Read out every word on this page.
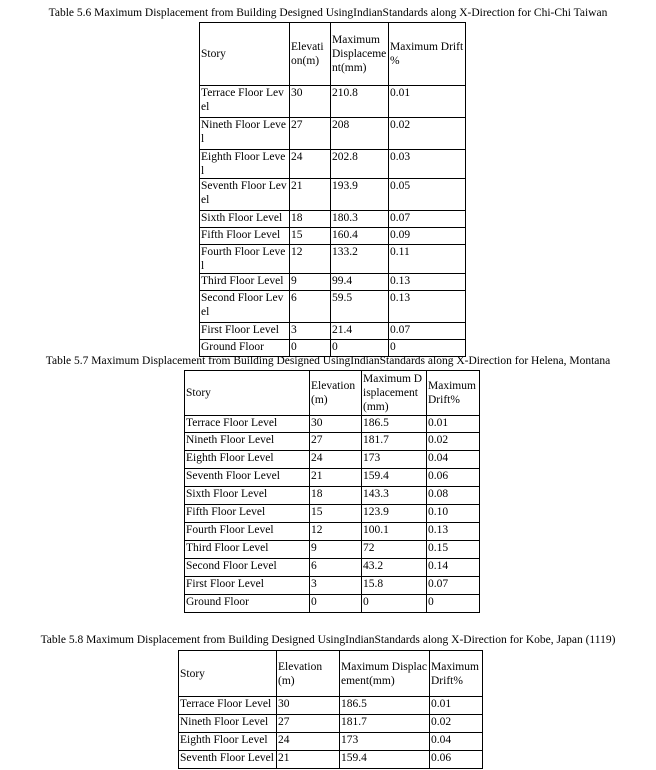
Table 5.6 Maximum Displacement from Building Designed UsingIndianStandards along X-Direction for Chi-Chi Taiwan
Story	Elevation(m)	Maximum Displacement(mm)	Maximum Drift %
Terrace Floor Level	30	210.8	0.01
Nineth Floor Level	27	208	0.02
Eighth Floor Level	24	202.8	0.03
Seventh Floor Level	21	193.9	0.05
Sixth Floor Level	18	180.3	0.07
Fifth Floor Level	15	160.4	0.09
Fourth Floor Level	12	133.2	0.11
Third Floor Level	9	99.4	0.13
Second Floor Level	6	59.5	0.13
First Floor Level	3	21.4	0.07
Ground Floor	0	0	0
Table 5.7 Maximum Displacement from Building Designed UsingIndianStandards along X-Direction for Helena, Montana
Story	Elevation(m)	Maximum Displacement (mm)	Maximum Drift%
Terrace Floor Level	30	186.5	0.01
Nineth Floor Level	27	181.7	0.02
Eighth Floor Level	24	173	0.04
Seventh Floor Level	21	159.4	0.06
Sixth Floor Level	18	143.3	0.08
Fifth Floor Level	15	123.9	0.10
Fourth Floor Level	12	100.1	0.13
Third Floor Level	9	72	0.15
Second Floor Level	6	43.2	0.14
First Floor Level	3	15.8	0.07
Ground Floor	0	0	0
Table 5.8 Maximum Displacement from Building Designed UsingIndianStandards along X-Direction for Kobe, Japan (1119)
Story	Elevation(m)	Maximum Displacement(mm)	Maximum Drift%
Terrace Floor Level	30	186.5	0.01
Nineth Floor Level	27	181.7	0.02
Eighth Floor Level	24	173	0.04
Seventh Floor Level	21	159.4	0.06
